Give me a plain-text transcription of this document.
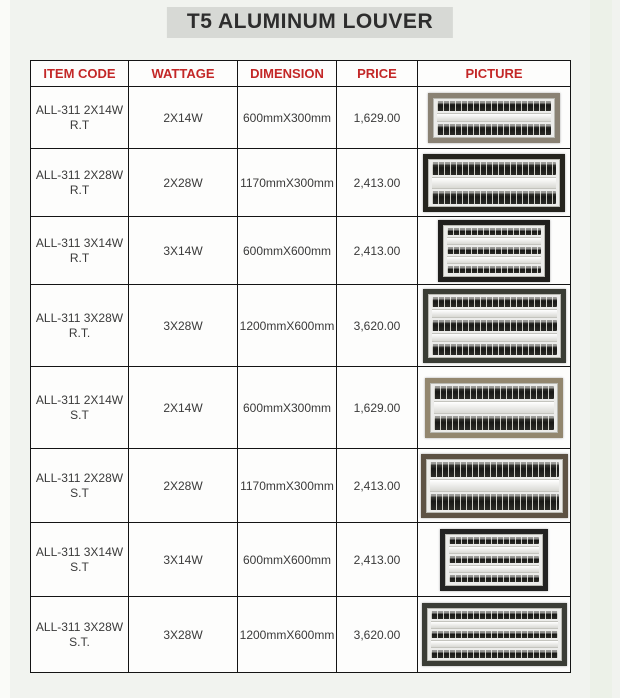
T5 ALUMINUM LOUVER
ITEM CODE	WATTAGE	DIMENSION	PRICE	PICTURE

ALL-311 2X14W
R.T	2X14W	600mmX300mm	1,629.00	

ALL-311 2X28W
R.T	2X28W	1170mmX300mm	2,413.00	

ALL-311 3X14W
R.T	3X14W	600mmX600mm	2,413.00	

ALL-311 3X28W
R.T.	3X28W	1200mmX600mm	3,620.00	

ALL-311 2X14W
S.T	2X14W	600mmX300mm	1,629.00	

ALL-311 2X28W
S.T	2X28W	1170mmX300mm	2,413.00	

ALL-311 3X14W
S.T	3X14W	600mmX600mm	2,413.00	

ALL-311 3X28W
S.T.	3X28W	1200mmX600mm	3,620.00	
